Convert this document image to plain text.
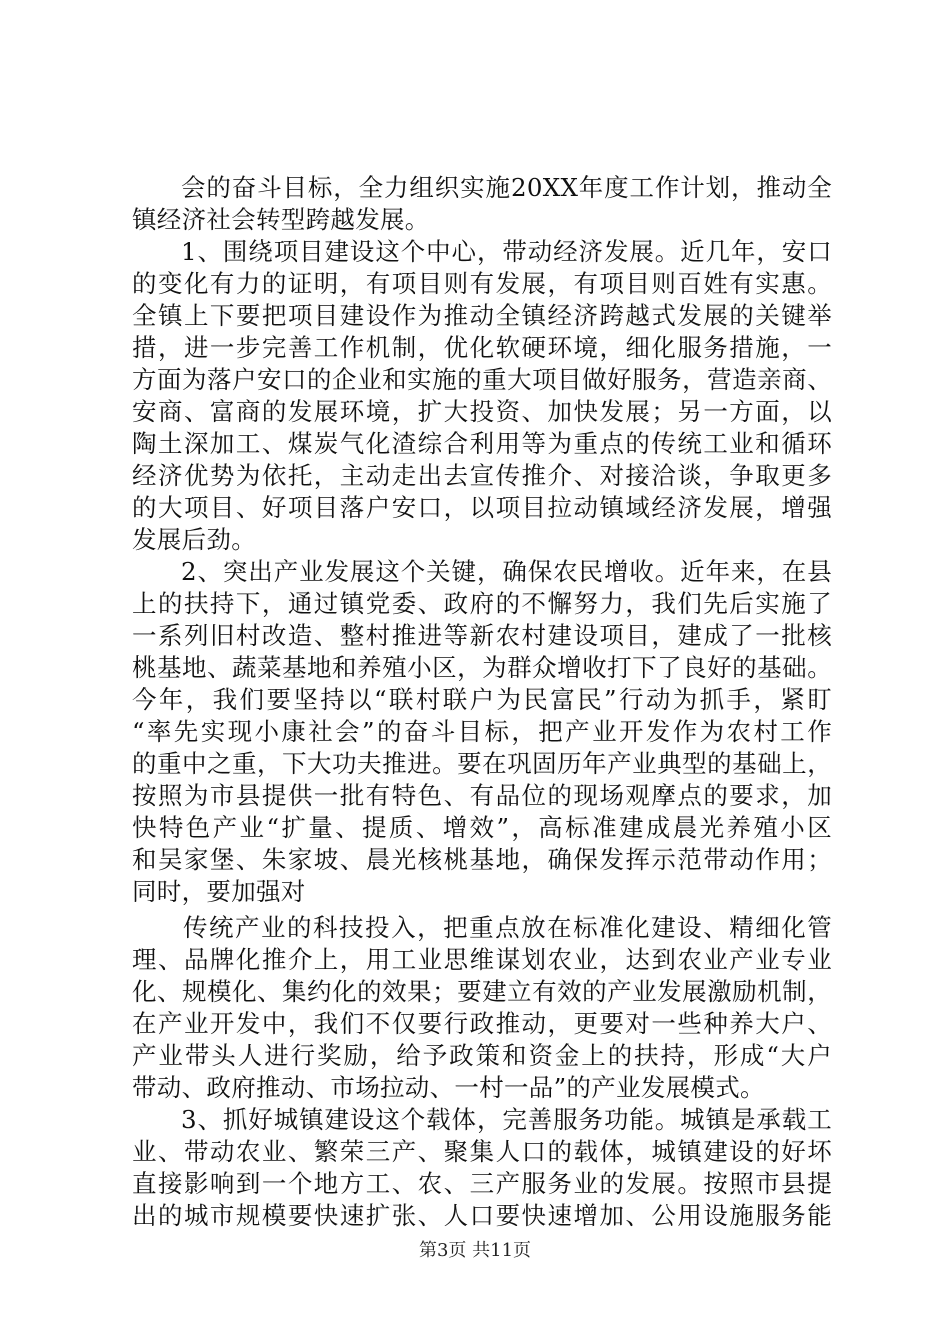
会的奋斗目标，全力组织实施20XX年度工作计划，推动全
镇经济社会转型跨越发展。
1、围绕项目建设这个中心，带动经济发展。近几年，安口
的变化有力的证明，有项目则有发展，有项目则百姓有实惠。
全镇上下要把项目建设作为推动全镇经济跨越式发展的关键举
措，进一步完善工作机制，优化软硬环境，细化服务措施，一
方面为落户安口的企业和实施的重大项目做好服务，营造亲商、
安商、富商的发展环境，扩大投资、加快发展；另一方面，以
陶土深加工、煤炭气化渣综合利用等为重点的传统工业和循环
经济优势为依托，主动走出去宣传推介、对接洽谈，争取更多
的大项目、好项目落户安口，以项目拉动镇域经济发展，增强
发展后劲。
2、突出产业发展这个关键，确保农民增收。近年来，在县
上的扶持下，通过镇党委、政府的不懈努力，我们先后实施了
一系列旧村改造、整村推进等新农村建设项目，建成了一批核
桃基地、蔬菜基地和养殖小区，为群众增收打下了良好的基础。
今年，我们要坚持以“联村联户为民富民”行动为抓手，紧盯
“率先实现小康社会”的奋斗目标，把产业开发作为农村工作
的重中之重，下大功夫推进。要在巩固历年产业典型的基础上，
按照为市县提供一批有特色、有品位的现场观摩点的要求，加
快特色产业“扩量、提质、增效”，高标准建成晨光养殖小区
和吴家堡、朱家坡、晨光核桃基地，确保发挥示范带动作用；
同时，要加强对
传统产业的科技投入，把重点放在标准化建设、精细化管
理、品牌化推介上，用工业思维谋划农业，达到农业产业专业
化、规模化、集约化的效果；要建立有效的产业发展激励机制，
在产业开发中，我们不仅要行政推动，更要对一些种养大户、
产业带头人进行奖励，给予政策和资金上的扶持，形成“大户
带动、政府推动、市场拉动、一村一品”的产业发展模式。
3、抓好城镇建设这个载体，完善服务功能。城镇是承载工
业、带动农业、繁荣三产、聚集人口的载体，城镇建设的好坏
直接影响到一个地方工、农、三产服务业的发展。按照市县提
出的城市规模要快速扩张、人口要快速增加、公用设施服务能
第3页 共11页
